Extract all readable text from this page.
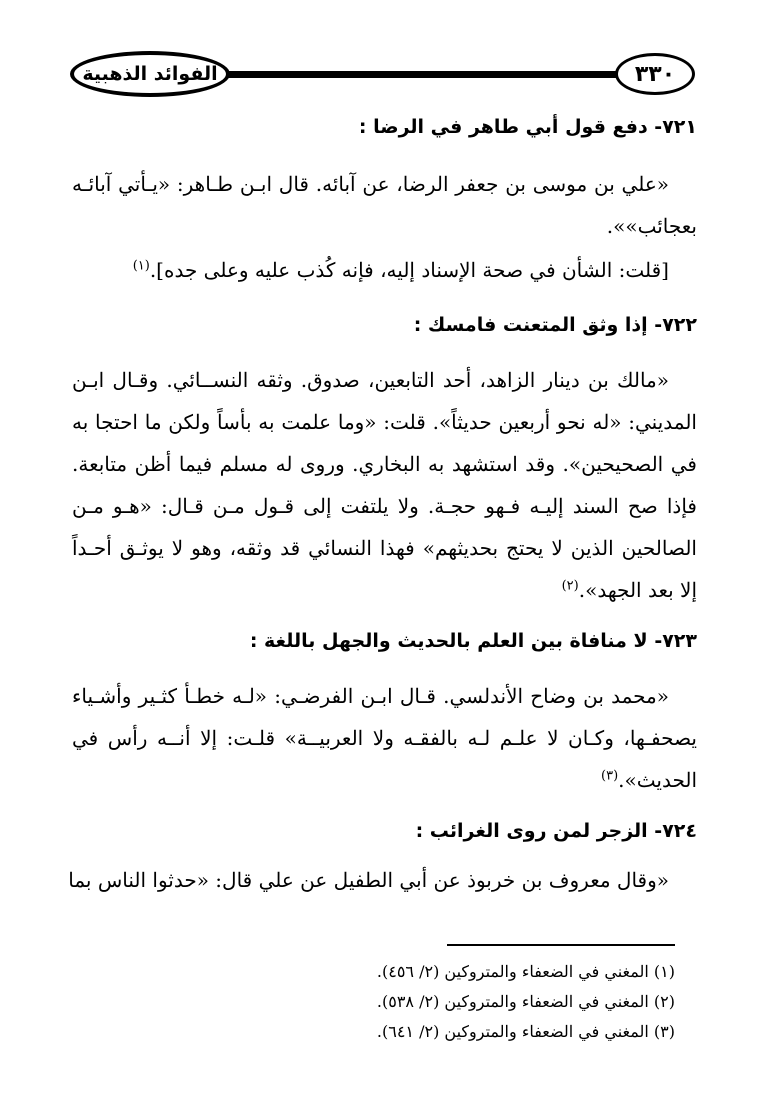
الفوائد الذهبية	٣٣٠
٧٢١- دفع قول أبي طاهر في الرضا :
«علي بن موسى بن جعفر الرضا، عن آبائه. قال ابـن طـاهر: «يـأتي آبائـه
بعجائب»».
[قلت: الشأن في صحة الإسناد إليه، فإنه كُذب عليه وعلى جده].$^{(١)}$
٧٢٢- إذا وثق المتعنت فامسك :
«مالك بن دينار الزاهد، أحد التابعين، صدوق. وثقه النســائي. وقـال ابـن
المديني: «له نحو أربعين حديثاً». قلت: «وما علمت به بأساً ولكن ما احتجا به
في الصحيحين». وقد استشهد به البخاري. وروى له مسلم فيما أظن متابعة.
فإذا صح السند إليـه فـهو حجـة. ولا يلتفت إلى قـول مـن قـال: «هـو مـن
الصالحين الذين لا يحتج بحديثهم» فهذا النسائي قد وثقه، وهو لا يوثـق أحـداً
إلا بعد الجهد».$^{(٢)}$
٧٢٣- لا منافاة بين العلم بالحديث والجهل باللغة :
«محمد بن وضاح الأندلسي. قـال ابـن الفرضـي: «لـه خطـأ كثـير وأشـياء
يصحفـها، وكـان لا علـم لـه بالفقـه ولا العربيــة» قلـت: إلا أنــه رأس في
الحديث».$^{(٣)}$
٧٢٤- الزجر لمن روى الغرائب :
«وقال معروف بن خربوذ عن أبي الطفيل عن علي قال: «حدثوا الناس بما
(١) المغني في الضعفاء والمتروكين (٢/ ٤٥٦).
(٢) المغني في الضعفاء والمتروكين (٢/ ٥٣٨).
(٣) المغني في الضعفاء والمتروكين (٢/ ٦٤١).
